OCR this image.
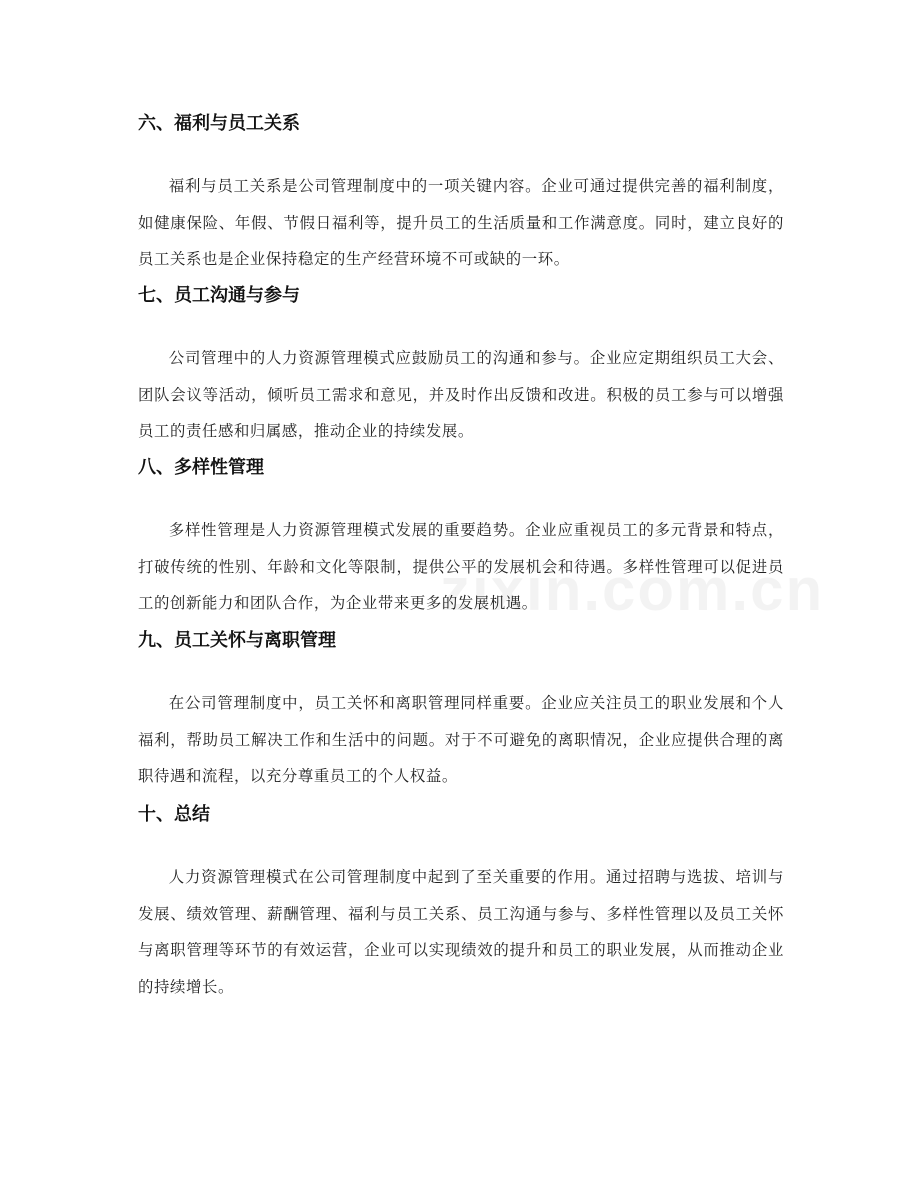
六、福利与员工关系
福利与员工关系是公司管理制度中的一项关键内容。企业可通过提供完善的福利制度，如健康保险、年假、节假日福利等，提升员工的生活质量和工作满意度。同时，建立良好的员工关系也是企业保持稳定的生产经营环境不可或缺的一环。
七、员工沟通与参与
公司管理中的人力资源管理模式应鼓励员工的沟通和参与。企业应定期组织员工大会、团队会议等活动，倾听员工需求和意见，并及时作出反馈和改进。积极的员工参与可以增强员工的责任感和归属感，推动企业的持续发展。
八、多样性管理
多样性管理是人力资源管理模式发展的重要趋势。企业应重视员工的多元背景和特点，打破传统的性别、年龄和文化等限制，提供公平的发展机会和待遇。多样性管理可以促进员工的创新能力和团队合作，为企业带来更多的发展机遇。
九、员工关怀与离职管理
在公司管理制度中，员工关怀和离职管理同样重要。企业应关注员工的职业发展和个人福利，帮助员工解决工作和生活中的问题。对于不可避免的离职情况，企业应提供合理的离职待遇和流程，以充分尊重员工的个人权益。
十、总结
人力资源管理模式在公司管理制度中起到了至关重要的作用。通过招聘与选拔、培训与发展、绩效管理、薪酬管理、福利与员工关系、员工沟通与参与、多样性管理以及员工关怀与离职管理等环节的有效运营，企业可以实现绩效的提升和员工的职业发展，从而推动企业的持续增长。
